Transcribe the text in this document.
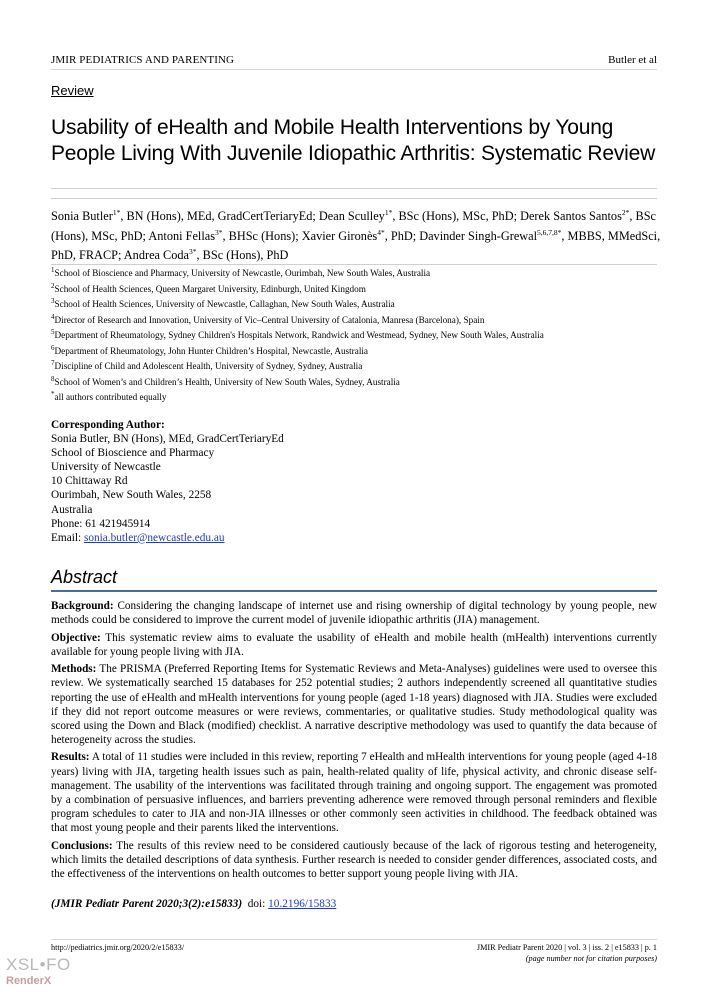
JMIR PEDIATRICS AND PARENTING	Butler et al
Review
Usability of eHealth and Mobile Health Interventions by Young People Living With Juvenile Idiopathic Arthritis: Systematic Review
Sonia Butler$^{1*}$, BN (Hons), MEd, GradCertTeriaryEd; Dean Sculley$^{1*}$, BSc (Hons), MSc, PhD; Derek Santos Santos$^{2*}$, BSc (Hons), MSc, PhD; Antoni Fellas$^{3*}$, BHSc (Hons); Xavier Gironès$^{4*}$, PhD; Davinder Singh-Grewal$^{5,6,7,8*}$, MBBS, MMedSci, PhD, FRACP; Andrea Coda$^{3*}$, BSc (Hons), PhD
$^1$School of Bioscience and Pharmacy, University of Newcastle, Ourimbah, New South Wales, Australia
$^2$School of Health Sciences, Queen Margaret University, Edinburgh, United Kingdom
$^3$School of Health Sciences, University of Newcastle, Callaghan, New South Wales, Australia
$^4$Director of Research and Innovation, University of Vic–Central University of Catalonia, Manresa (Barcelona), Spain
$^5$Department of Rheumatology, Sydney Children's Hospitals Network, Randwick and Westmead, Sydney, New South Wales, Australia
$^6$Department of Rheumatology, John Hunter Children’s Hospital, Newcastle, Australia
$^7$Discipline of Child and Adolescent Health, University of Sydney, Sydney, Australia
$^8$School of Women’s and Children’s Health, University of New South Wales, Sydney, Australia
*all authors contributed equally
Corresponding Author:
Sonia Butler, BN (Hons), MEd, GradCertTeriaryEd
School of Bioscience and Pharmacy
University of Newcastle
10 Chittaway Rd
Ourimbah, New South Wales, 2258
Australia
Phone: 61 421945914
Email: sonia.butler@newcastle.edu.au
Abstract

Background: Considering the changing landscape of internet use and rising ownership of digital technology by young people, new methods could be considered to improve the current model of juvenile idiopathic arthritis (JIA) management.

Objective: This systematic review aims to evaluate the usability of eHealth and mobile health (mHealth) interventions currently available for young people living with JIA.

Methods: The PRISMA (Preferred Reporting Items for Systematic Reviews and Meta-Analyses) guidelines were used to oversee this review. We systematically searched 15 databases for 252 potential studies; 2 authors independently screened all quantitative studies reporting the use of eHealth and mHealth interventions for young people (aged 1-18 years) diagnosed with JIA. Studies were excluded if they did not report outcome measures or were reviews, commentaries, or qualitative studies. Study methodological quality was scored using the Down and Black (modified) checklist. A narrative descriptive methodology was used to quantify the data because of heterogeneity across the studies.

Results: A total of 11 studies were included in this review, reporting 7 eHealth and mHealth interventions for young people (aged 4-18 years) living with JIA, targeting health issues such as pain, health-related quality of life, physical activity, and chronic disease self-management. The usability of the interventions was facilitated through training and ongoing support. The engagement was promoted by a combination of persuasive influences, and barriers preventing adherence were removed through personal reminders and flexible program schedules to cater to JIA and non-JIA illnesses or other commonly seen activities in childhood. The feedback obtained was that most young people and their parents liked the interventions.

Conclusions: The results of this review need to be considered cautiously because of the lack of rigorous testing and heterogeneity, which limits the detailed descriptions of data synthesis. Further research is needed to consider gender differences, associated costs, and the effectiveness of the interventions on health outcomes to better support young people living with JIA.

(JMIR Pediatr Parent 2020;3(2):e15833) doi: 10.2196/15833
http://pediatrics.jmir.org/2020/2/e15833/	JMIR Pediatr Parent 2020 | vol. 3 | iss. 2 | e15833 | p. 1
(page number not for citation purposes)
XSL•FO
RenderX
